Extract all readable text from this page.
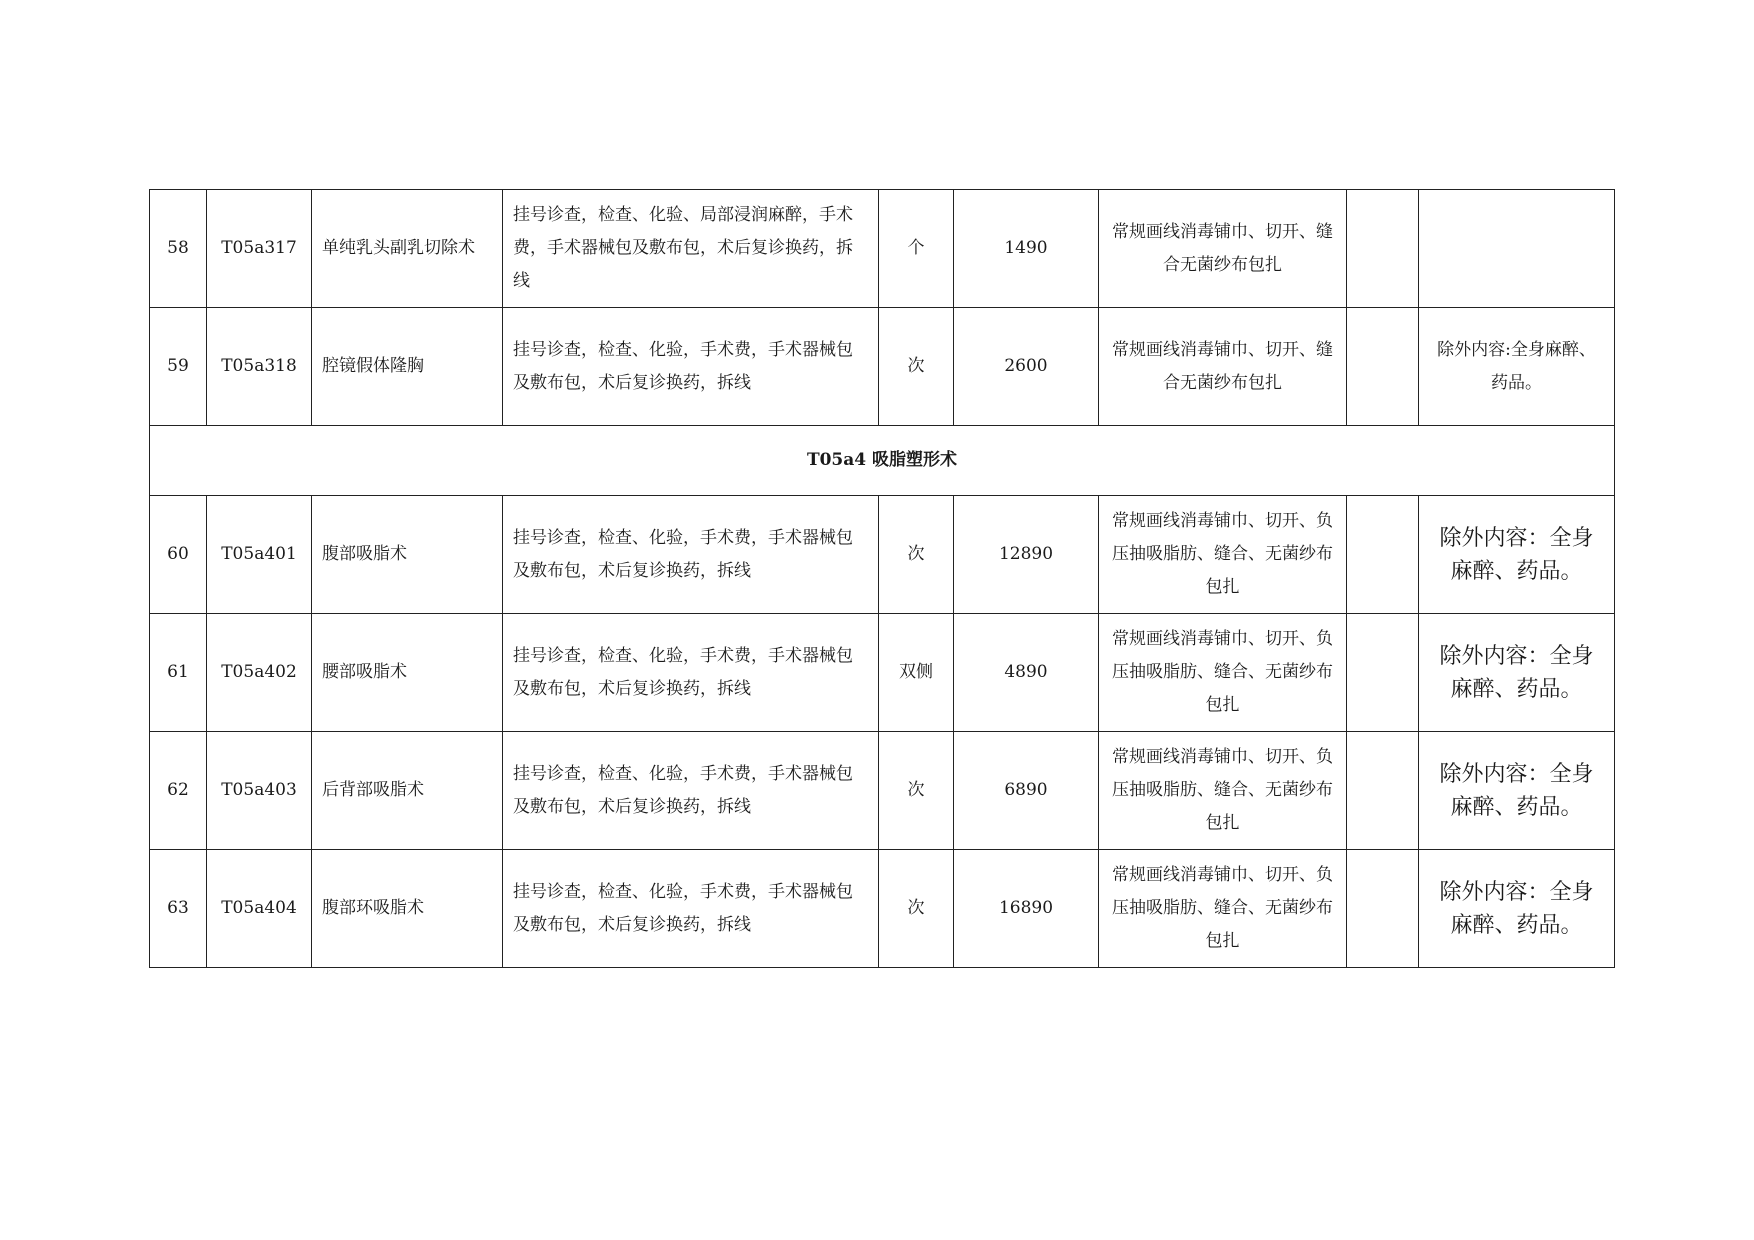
58	T05a317	单纯乳头副乳切除术	挂号诊查，检查、化验、局部浸润麻醉，手术费，手术器械包及敷布包，术后复诊换药，拆线	个	1490	常规画线消毒铺巾、切开、缝合无菌纱布包扎		
59	T05a318	腔镜假体隆胸	挂号诊查，检查、化验，手术费，手术器械包及敷布包，术后复诊换药，拆线	次	2600	常规画线消毒铺巾、切开、缝合无菌纱布包扎		除外内容:全身麻醉、药品。
T05a4 吸脂塑形术								
60	T05a401	腹部吸脂术	挂号诊查，检查、化验，手术费，手术器械包及敷布包，术后复诊换药，拆线	次	12890	常规画线消毒铺巾、切开、负压抽吸脂肪、缝合、无菌纱布包扎		除外内容：全身麻醉、药品。
61	T05a402	腰部吸脂术	挂号诊查，检查、化验，手术费，手术器械包及敷布包，术后复诊换药，拆线	双侧	4890	常规画线消毒铺巾、切开、负压抽吸脂肪、缝合、无菌纱布包扎		除外内容：全身麻醉、药品。
62	T05a403	后背部吸脂术	挂号诊查，检查、化验，手术费，手术器械包及敷布包，术后复诊换药，拆线	次	6890	常规画线消毒铺巾、切开、负压抽吸脂肪、缝合、无菌纱布包扎		除外内容：全身麻醉、药品。
63	T05a404	腹部环吸脂术	挂号诊查，检查、化验，手术费，手术器械包及敷布包，术后复诊换药，拆线	次	16890	常规画线消毒铺巾、切开、负压抽吸脂肪、缝合、无菌纱布包扎		除外内容：全身麻醉、药品。
